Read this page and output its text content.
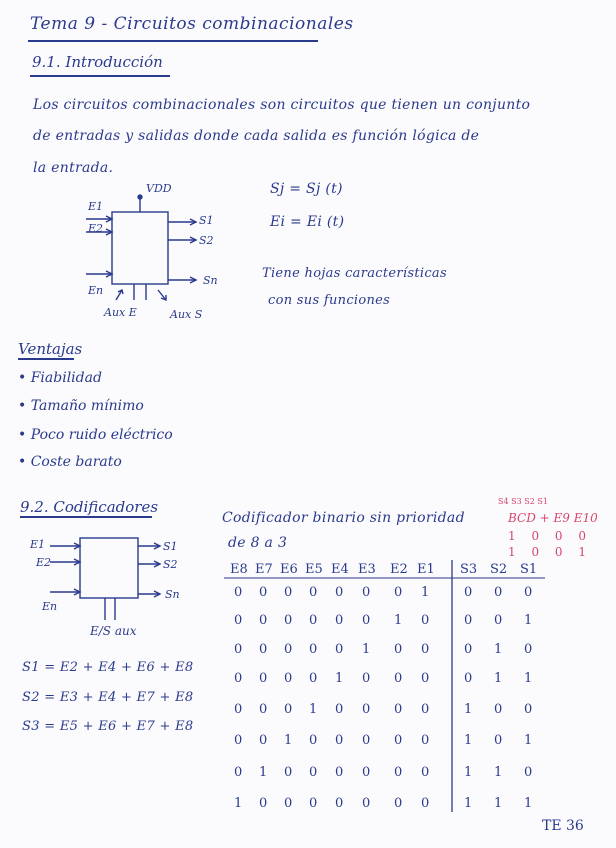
Tema 9 - Circuitos combinacionales
9.1. Introducción
Los circuitos combinacionales son circuitos que tienen un conjunto
de entradas y salidas donde cada salida es función lógica de
la entrada.
VDD
E1
E2
En
S1
S2
Sn
Aux E	Aux S
Sj = Sj (t)
Ei = Ei (t)
Tiene hojas características
con sus funciones
Ventajas
• Fiabilidad
• Tamaño mínimo
• Poco ruido eléctrico
• Coste barato
9.2. Codificadores
E1
E2
En
S1
S2
Sn
E/S aux
S1 = E2 + E4 + E6 + E8
S2 = E3 + E4 + E7 + E8
S3 = E5 + E6 + E7 + E8
Codificador binario sin prioridad
de 8 a 3
S4 S3 S2 S1
BCD + E9 E10
1 0 0 0
1 0 0 1
E8 E7 E6 E5 E4 E3 E2 E1 S3 S2 S1
0 0 0 0 0 0 0 1	0 0 0
0 0 0 0 0 0 1 0	0 0 1
0 0 0 0 0 1 0 0	0 1 0
0 0 0 0 1 0 0 0	0 1 1
0 0 0 1 0 0 0 0	1 0 0
0 0 1 0 0 0 0 0	1 0 1
0 1 0 0 0 0 0 0	1 1 0
1 0 0 0 0 0 0 0	1 1 1
TE 36
